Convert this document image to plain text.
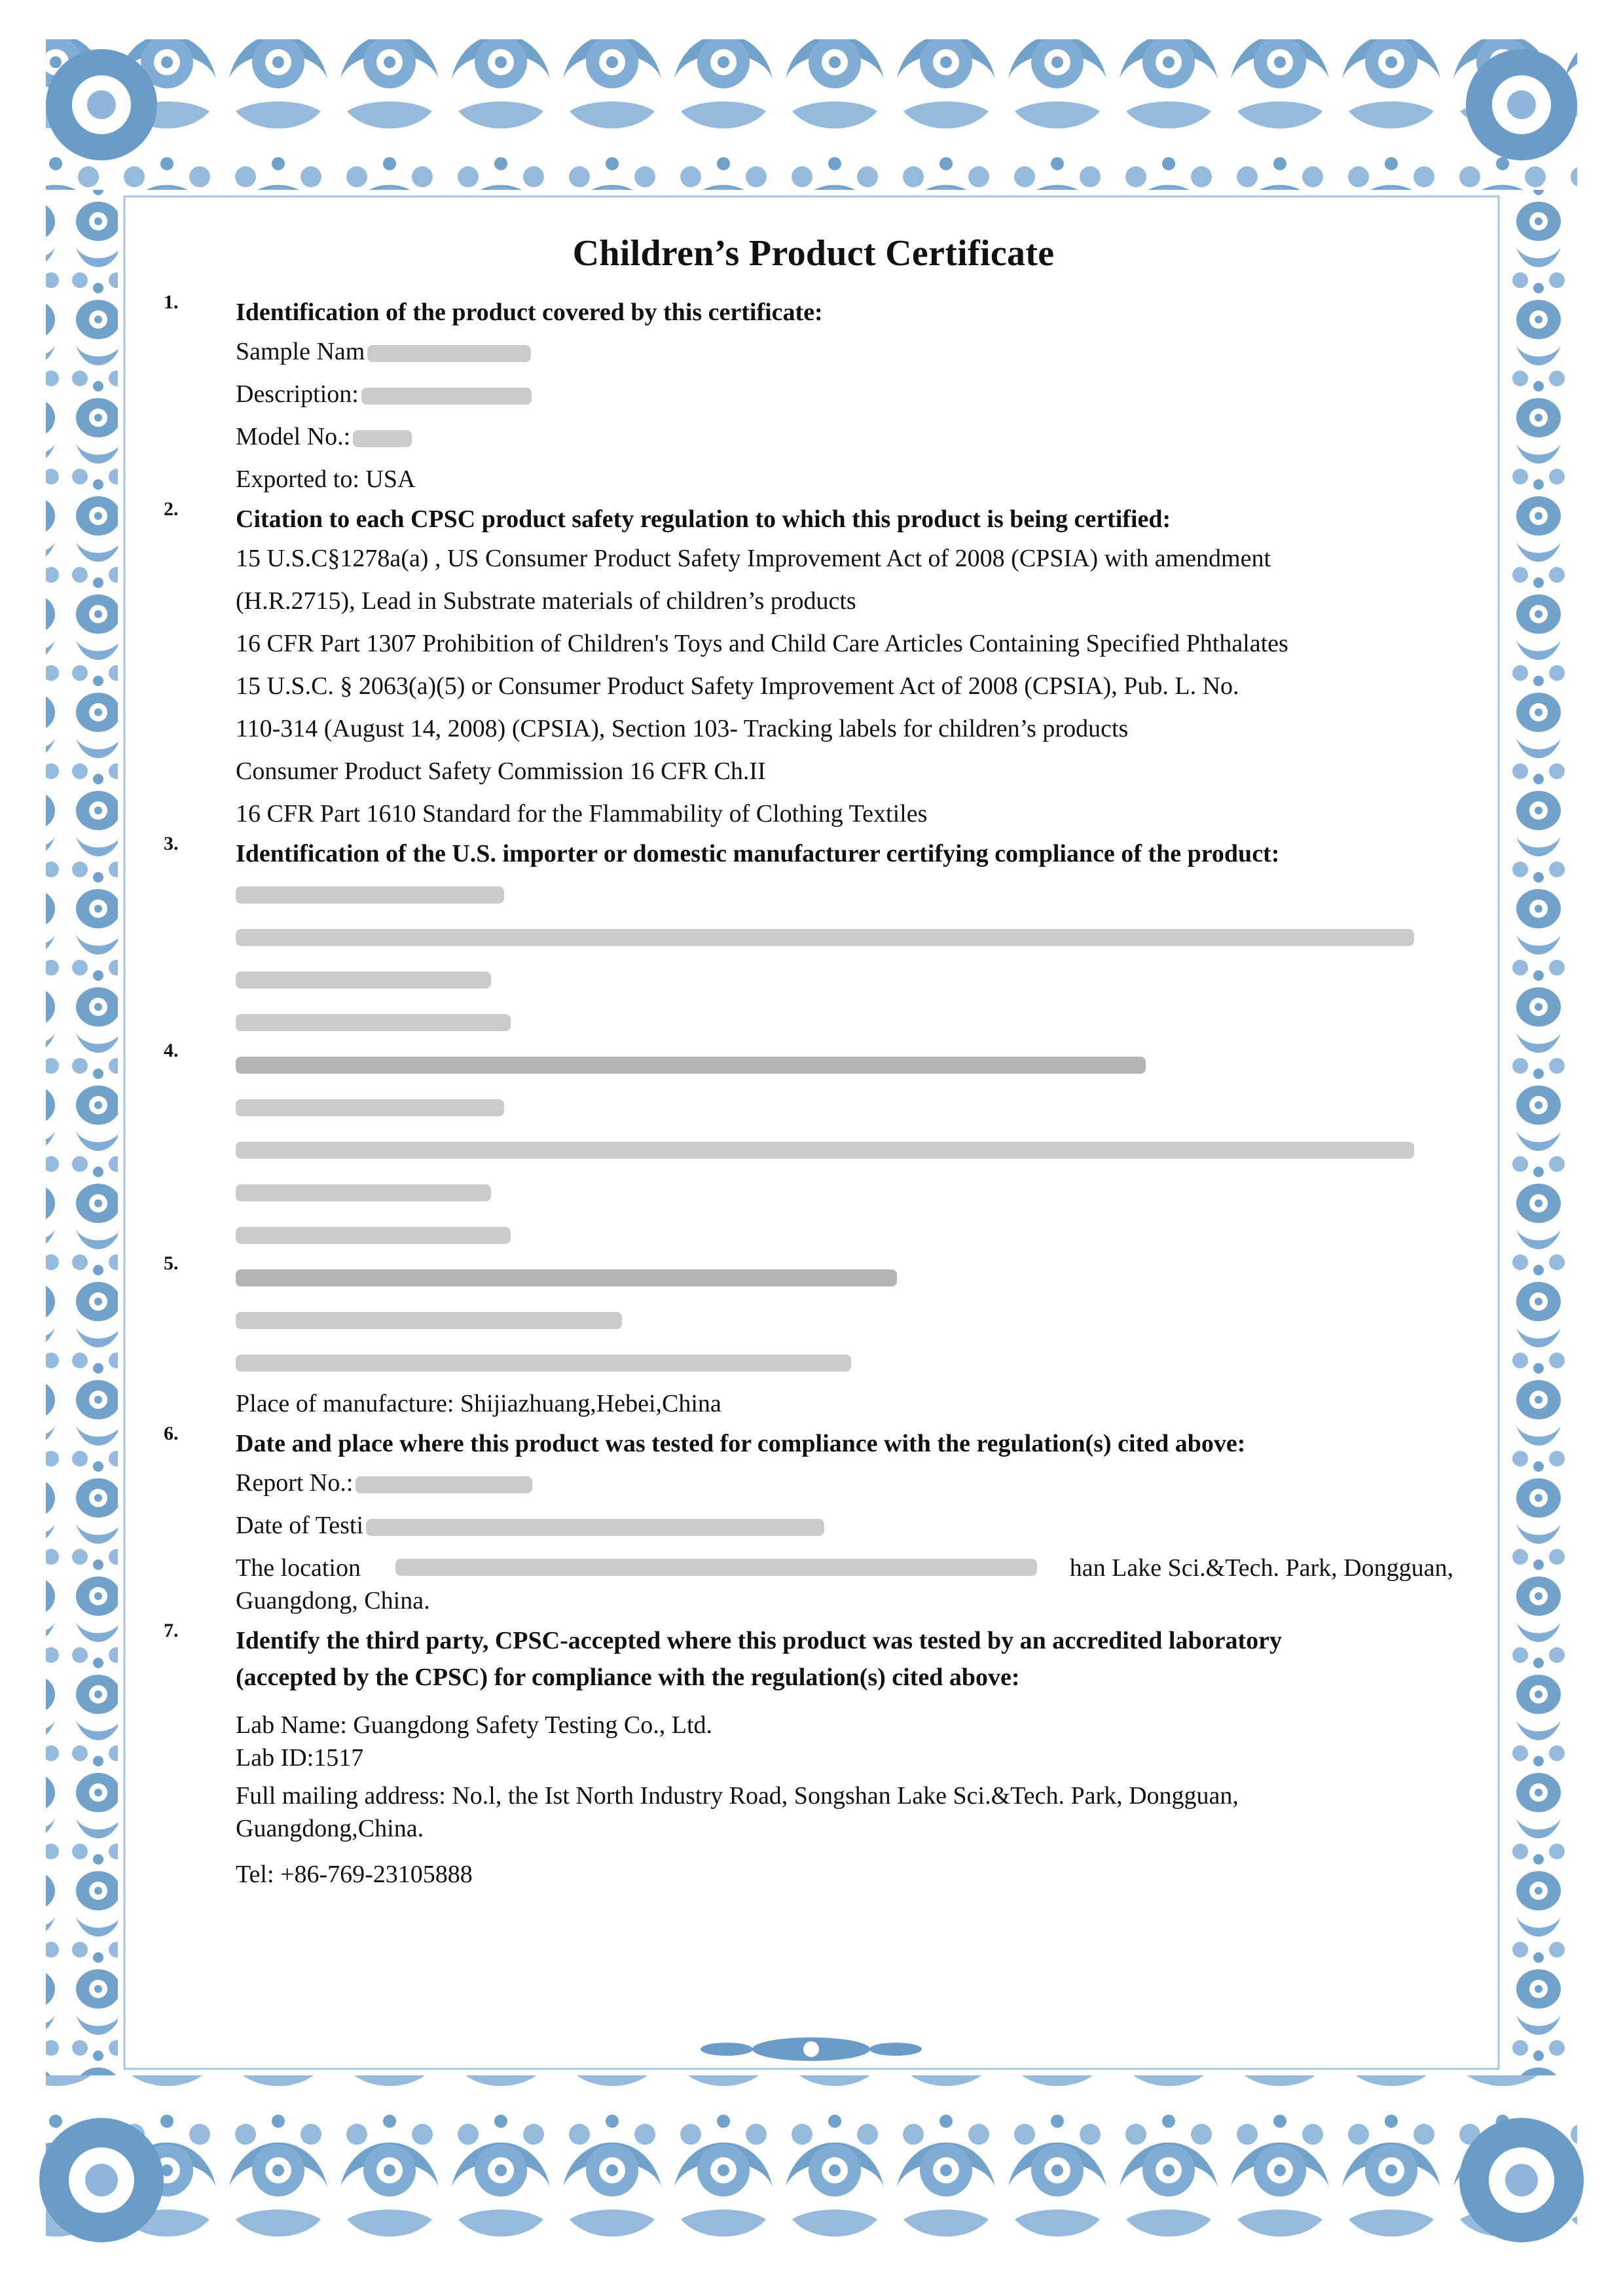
Children’s Product Certificate
1. Identification of the product covered by this certificate:
Sample Nam
Description:
Model No.:
Exported to: USA
2. Citation to each CPSC product safety regulation to which this product is being certified:
15 U.S.C§1278a(a) , US Consumer Product Safety Improvement Act of 2008 (CPSIA) with amendment
(H.R.2715), Lead in Substrate materials of children’s products
16 CFR Part 1307 Prohibition of Children's Toys and Child Care Articles Containing Specified Phthalates
15 U.S.C. § 2063(a)(5) or Consumer Product Safety Improvement Act of 2008 (CPSIA), Pub. L. No.
110-314 (August 14, 2008) (CPSIA), Section 103- Tracking labels for children’s products
Consumer Product Safety Commission 16 CFR Ch.II
16 CFR Part 1610 Standard for the Flammability of Clothing Textiles
3. Identification of the U.S. importer or domestic manufacturer certifying compliance of the product:
4.
5.
Place of manufacture: Shijiazhuang,Hebei,China
6. Date and place where this product was tested for compliance with the regulation(s) cited above:
Report No.:
Date of Testi
The location	han Lake Sci.&Tech. Park, Dongguan,
Guangdong, China.
7. Identify the third party, CPSC-accepted where this product was tested by an accredited laboratory
(accepted by the CPSC) for compliance with the regulation(s) cited above:
Lab Name: Guangdong Safety Testing Co., Ltd.
Lab ID:1517
Full mailing address: No.l, the Ist North Industry Road, Songshan Lake Sci.&Tech. Park, Dongguan,
Guangdong,China.
Tel: +86-769-23105888
